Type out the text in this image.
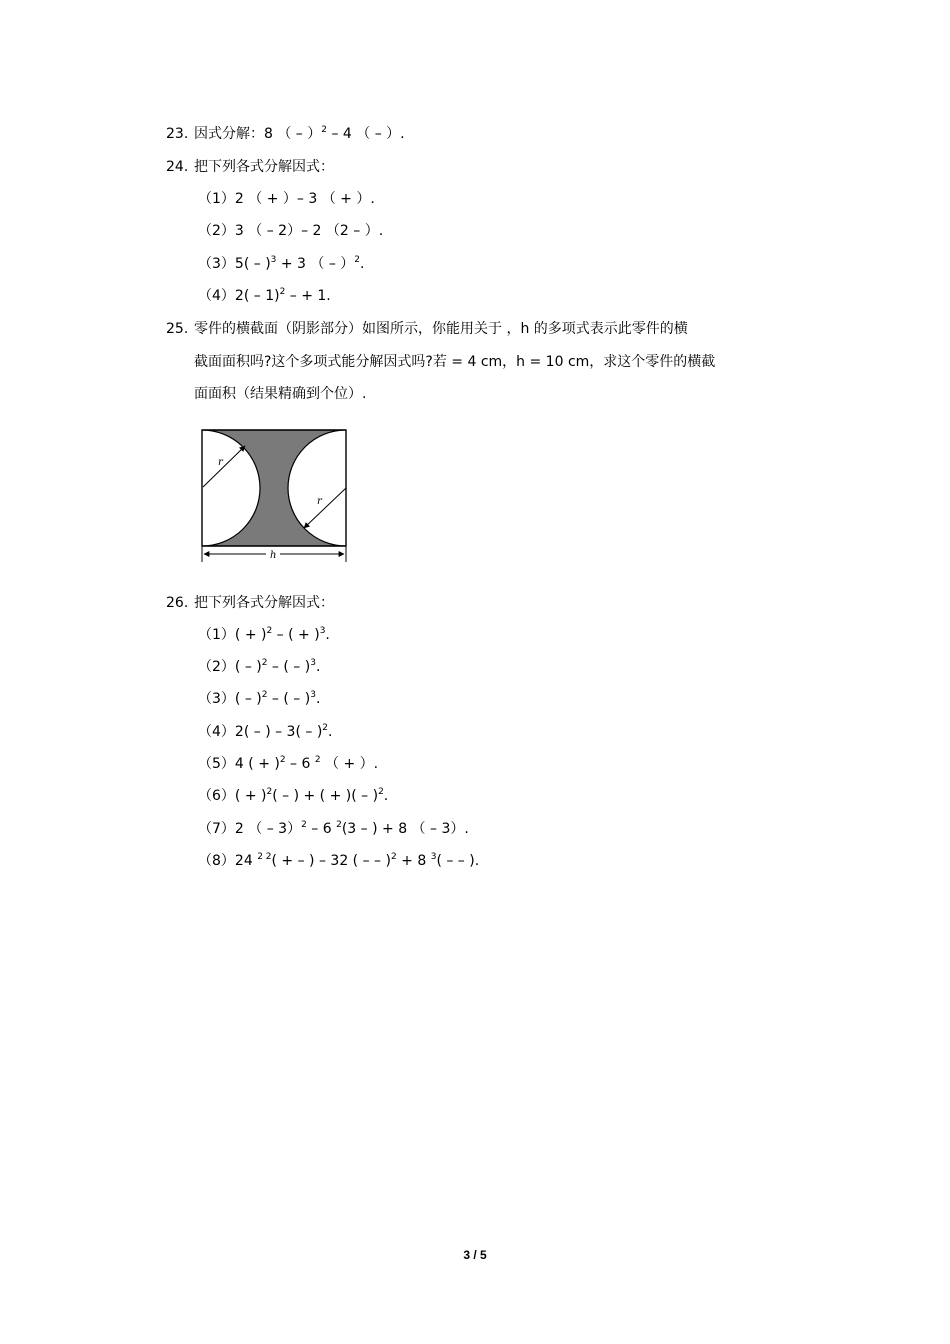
23. 因式分解：8 （ – ）$^2$ – 4 （ – ）.
24. 把下列各式分解因式：
（1）2 （ + ）– 3 （ + ）.
（2）3 （ – 2）– 2 （2 – ）.
$(3)5( - )^3 + 3$ （ – ）$^2$.
（4）2( – 1)$^2$ – + 1.
25. 零件的横截面（阴影部分）如图所示，你能用关于 ，h 的多项式表示此零件的横
截面面积吗?这个多项式能分解因式吗?若 = 4 cm，h = 10 cm，求这个零件的横截
面面积（结果精确到个位）.
r
r
h
26. 把下列各式分解因式：
$(1)( + )^2$ – ( + )$^3$.
$(2)( - )^2$ – ( – )$^3$.
$(3)( - )^2$ – ( – )$^3$.
（4）2( – ) – $3( - )^2$.
（5）4 ( + )$^2$ – 6 $^2$ （ + ）.
$(6)( + )^2$( – ) + ( + )( – )$^2$.
（7）2 （ – 3）$^2$ – 6 $^2$(3 – ) + 8 （ – 3）.
（8）24 $^{2 2}$( + – ) – 32 ( – – )$^2$ + 8 $^3$( – – ).
3 / 5
